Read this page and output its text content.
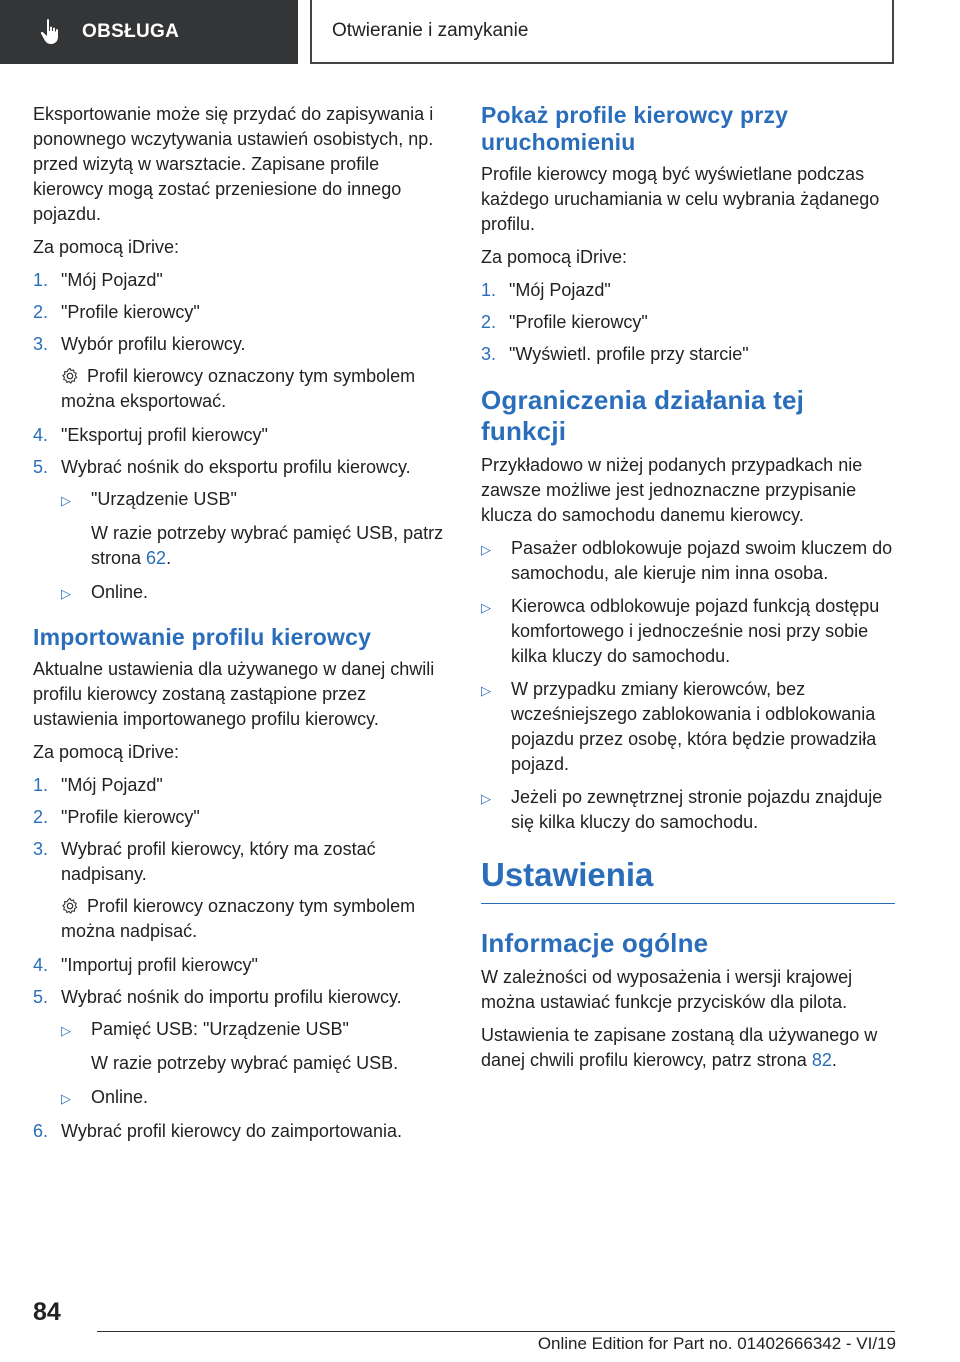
OBSŁUGA	Otwieranie i zamykanie

Eksportowanie może się przydać do zapisywania i ponownego wczytywania ustawień osobistych, np. przed wizytą w warsztacie. Zapisane profile kierowcy mogą zostać przeniesione do innego pojazdu.

Za pomocą iDrive:

1. "Mój Pojazd"
2. "Profile kierowcy"
3. Wybór profilu kierowcy.
Profil kierowcy oznaczony tym symbolem można eksportować.
4. "Eksportuj profil kierowcy"
5. Wybrać nośnik do eksportu profilu kierowcy.
▷	"Urządzenie USB"
W razie potrzeby wybrać pamięć USB, patrz strona 62.
▷	Online.
Importowanie profilu kierowcy

Aktualne ustawienia dla używanego w danej chwili profilu kierowcy zostaną zastąpione przez ustawienia importowanego profilu kierowcy.

Za pomocą iDrive:

1. "Mój Pojazd"
2. "Profile kierowcy"
3. Wybrać profil kierowcy, który ma zostać nadpisany.
Profil kierowcy oznaczony tym symbolem można nadpisać.
4. "Importuj profil kierowcy"
5. Wybrać nośnik do importu profilu kierowcy.
▷	Pamięć USB: "Urządzenie USB"
W razie potrzeby wybrać pamięć USB.
▷	Online.
6. Wybrać profil kierowcy do zaimportowania.
Pokaż profile kierowcy przy uruchomieniu

Profile kierowcy mogą być wyświetlane podczas każdego uruchamiania w celu wybrania żądanego profilu.

Za pomocą iDrive:

1. "Mój Pojazd"
2. "Profile kierowcy"
3. "Wyświetl. profile przy starcie"
Ograniczenia działania tej funkcji

Przykładowo w niżej podanych przypadkach nie zawsze możliwe jest jednoznaczne przypisanie klucza do samochodu danemu kierowcy.

▷	Pasażer odblokowuje pojazd swoim kluczem do samochodu, ale kieruje nim inna osoba.
▷	Kierowca odblokowuje pojazd funkcją dostępu komfortowego i jednocześnie nosi przy sobie kilka kluczy do samochodu.
▷	W przypadku zmiany kierowców, bez wcześniejszego zablokowania i odblokowania pojazdu przez osobę, która będzie prowadziła pojazd.
▷	Jeżeli po zewnętrznej stronie pojazdu znajduje się kilka kluczy do samochodu.
Ustawienia
Informacje ogólne

W zależności od wyposażenia i wersji krajowej można ustawiać funkcje przycisków dla pilota.

Ustawienia te zapisane zostaną dla używanego w danej chwili profilu kierowcy, patrz strona 82.

84
Online Edition for Part no. 01402666342 - VI/19
